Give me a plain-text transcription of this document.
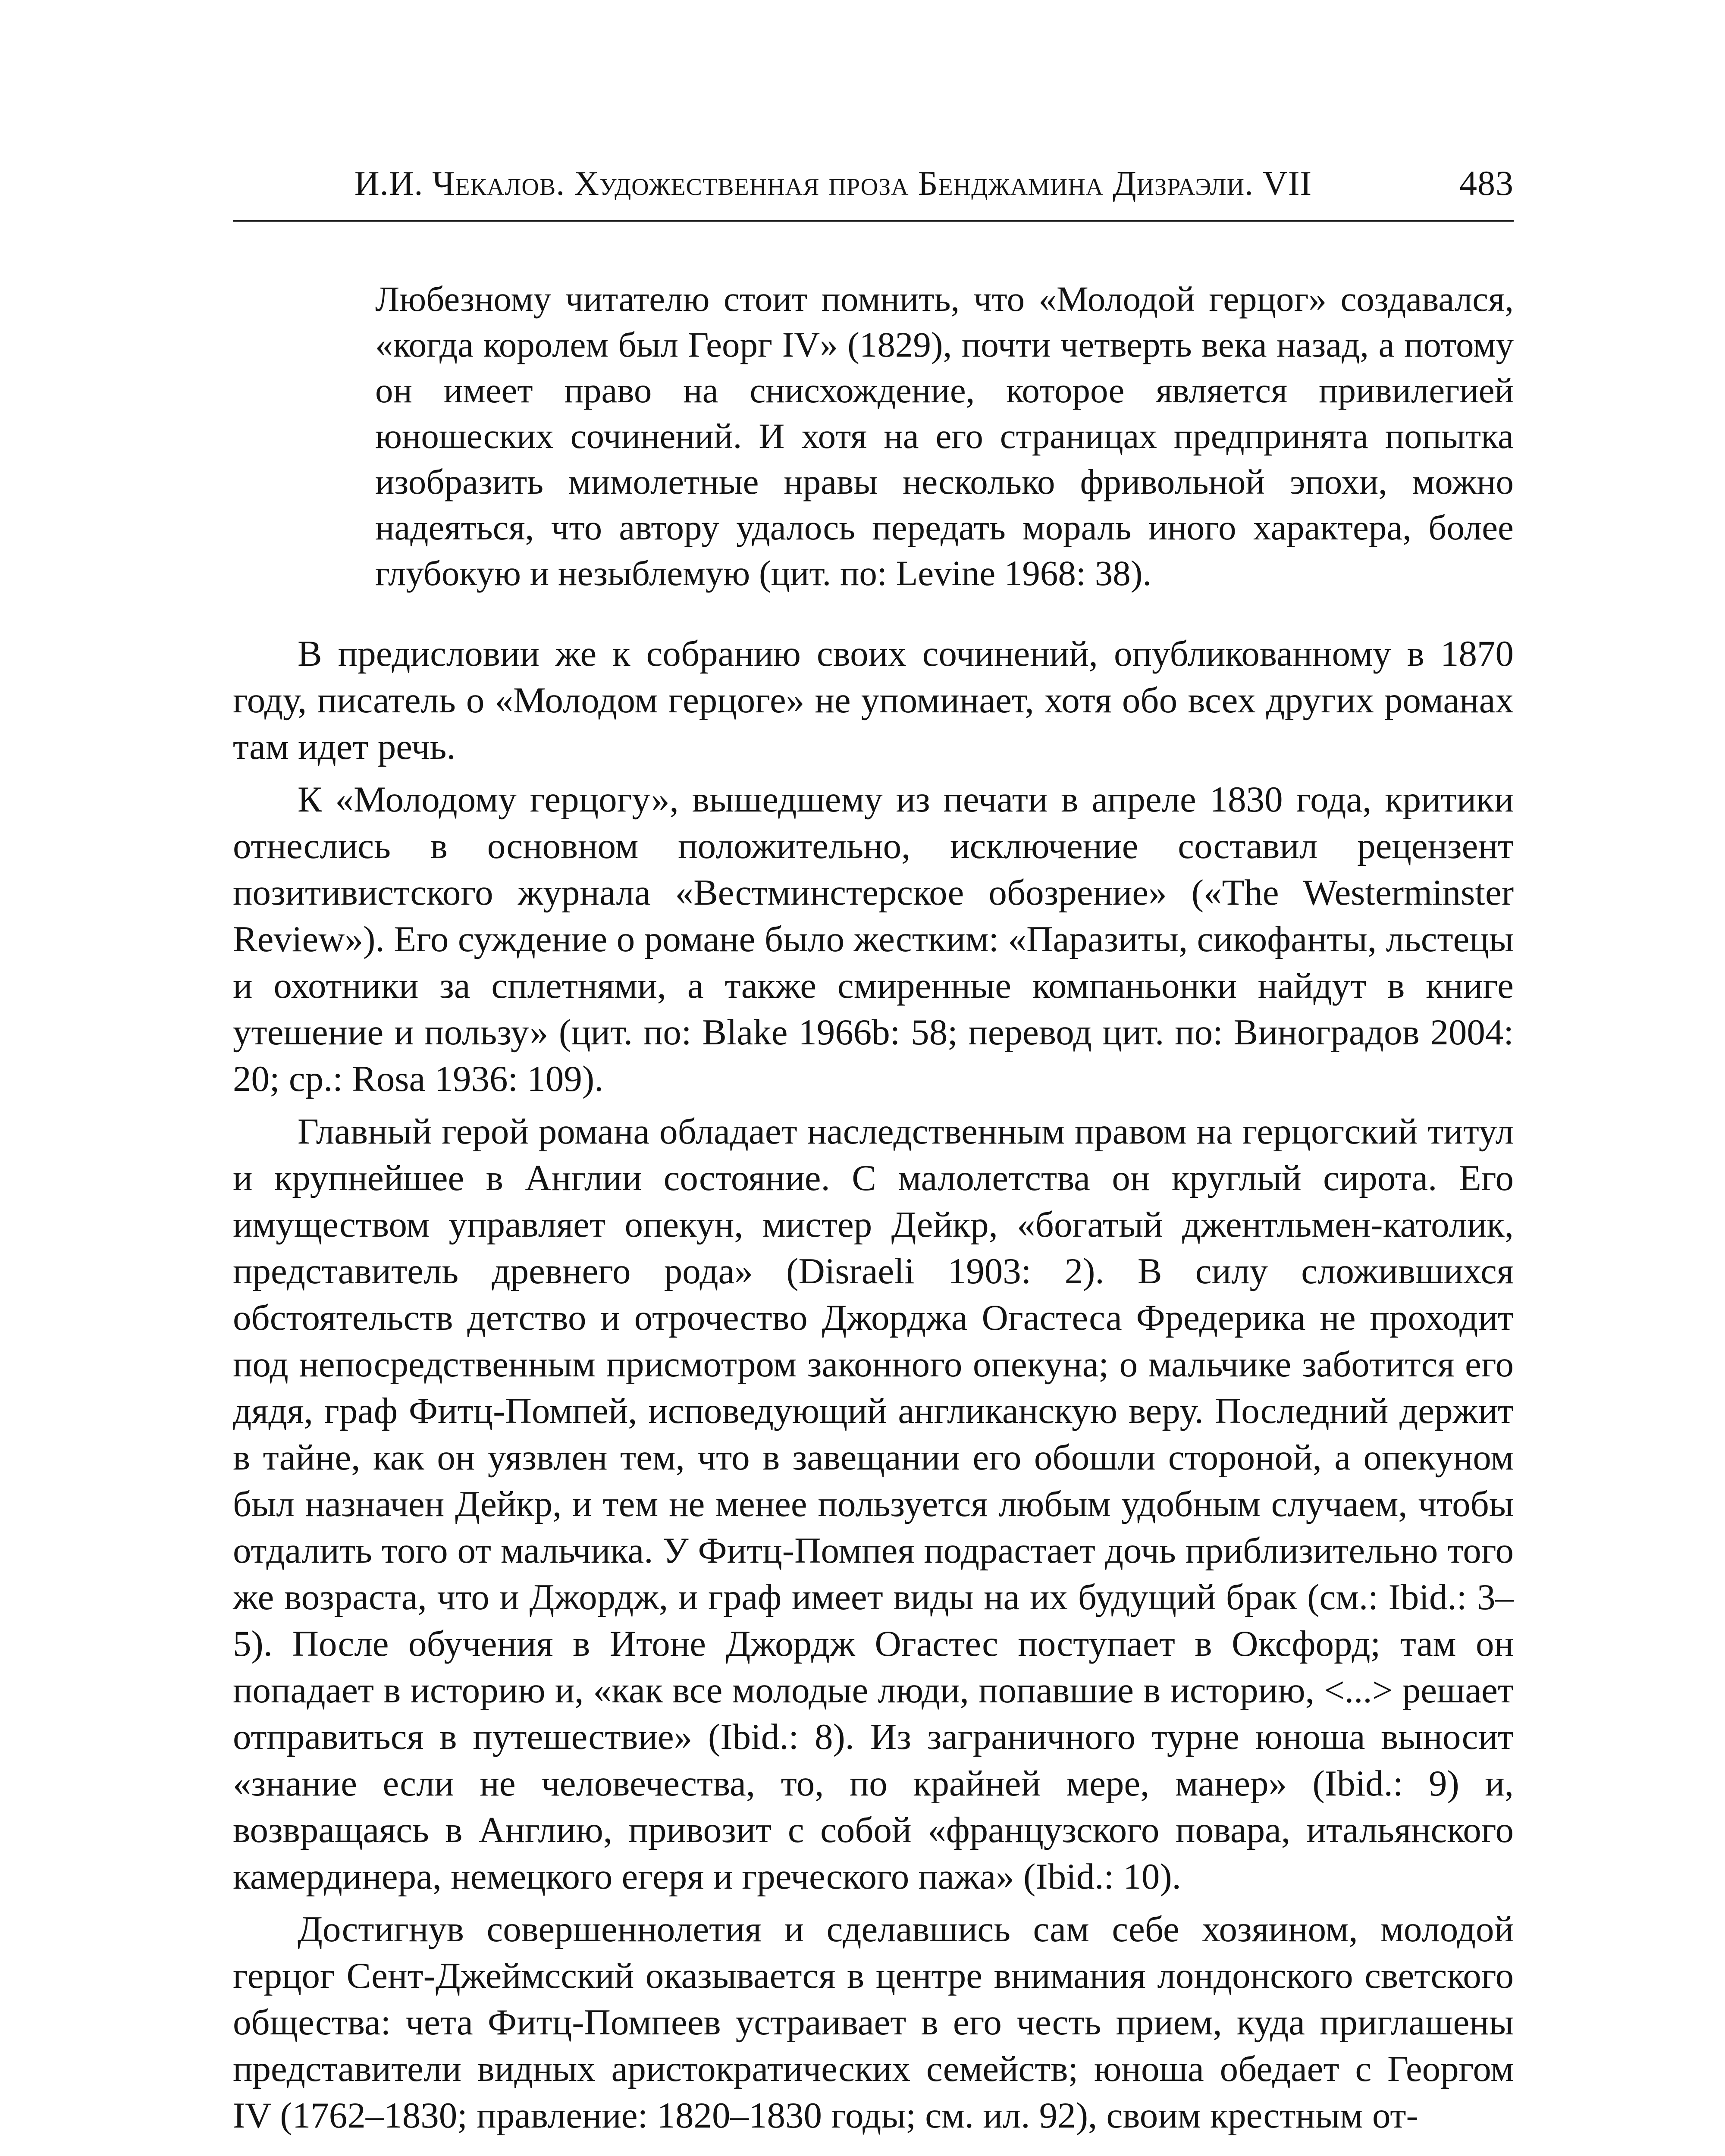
И.И. Чекалов. Художественная проза Бенджамина Дизраэли. VII	483

Любезному читателю стоит помнить, что «Молодой герцог» создавался, «когда королем был Георг IV» (1829), почти четверть века назад, а потому он имеет право на снисхождение, которое является привилегией юношеских сочинений. И хотя на его страницах предпринята попытка изобразить мимолетные нравы несколько фривольной эпохи, можно надеяться, что автору удалось передать мораль иного характера, более глубокую и незыблемую (цит. по: Levine 1968: 38).

В предисловии же к собранию своих сочинений, опубликованному в 1870 году, писатель о «Молодом герцоге» не упоминает, хотя обо всех других романах там идет речь.

К «Молодому герцогу», вышедшему из печати в апреле 1830 года, критики отнеслись в основном положительно, исключение составил рецензент позитивистского журнала «Вестминстерское обозрение» («The Westerminster Review»). Его суждение о романе было жестким: «Паразиты, сикофанты, льстецы и охотники за сплетнями, а также смиренные компаньонки найдут в книге утешение и пользу» (цит. по: Blake 1966b: 58; перевод цит. по: Виноградов 2004: 20; ср.: Rosa 1936: 109).

Главный герой романа обладает наследственным правом на герцогский титул и крупнейшее в Англии состояние. С малолетства он круглый сирота. Его имуществом управляет опекун, мистер Дейкр, «богатый джентльмен-католик, представитель древнего рода» (Disraeli 1903: 2). В силу сложившихся обстоятельств детство и отрочество Джорджа Огастеса Фредерика не проходит под непосредственным присмотром законного опекуна; о мальчике заботится его дядя, граф Фитц-Помпей, исповедующий англиканскую веру. Последний держит в тайне, как он уязвлен тем, что в завещании его обошли стороной, а опекуном был назначен Дейкр, и тем не менее пользуется любым удобным случаем, чтобы отдалить того от мальчика. У Фитц-Помпея подрастает дочь приблизительно того же возраста, что и Джордж, и граф имеет виды на их будущий брак (см.: Ibid.: 3–5). После обучения в Итоне Джордж Огастес поступает в Оксфорд; там он попадает в историю и, «как все молодые люди, попавшие в историю, <...> решает отправиться в путешествие» (Ibid.: 8). Из заграничного турне юноша выносит «знание если не человечества, то, по крайней мере, манер» (Ibid.: 9) и, возвращаясь в Англию, привозит с собой «французского повара, итальянского камердинера, немецкого егеря и греческого пажа» (Ibid.: 10).

Достигнув совершеннолетия и сделавшись сам себе хозяином, молодой герцог Сент-Джеймсский оказывается в центре внимания лондонского светского общества: чета Фитц-Помпеев устраивает в его честь прием, куда приглашены представители видных аристократических семейств; юноша обедает с Георгом IV (1762–1830; правление: 1820–1830 годы; см. ил. 92), своим крестным от-
